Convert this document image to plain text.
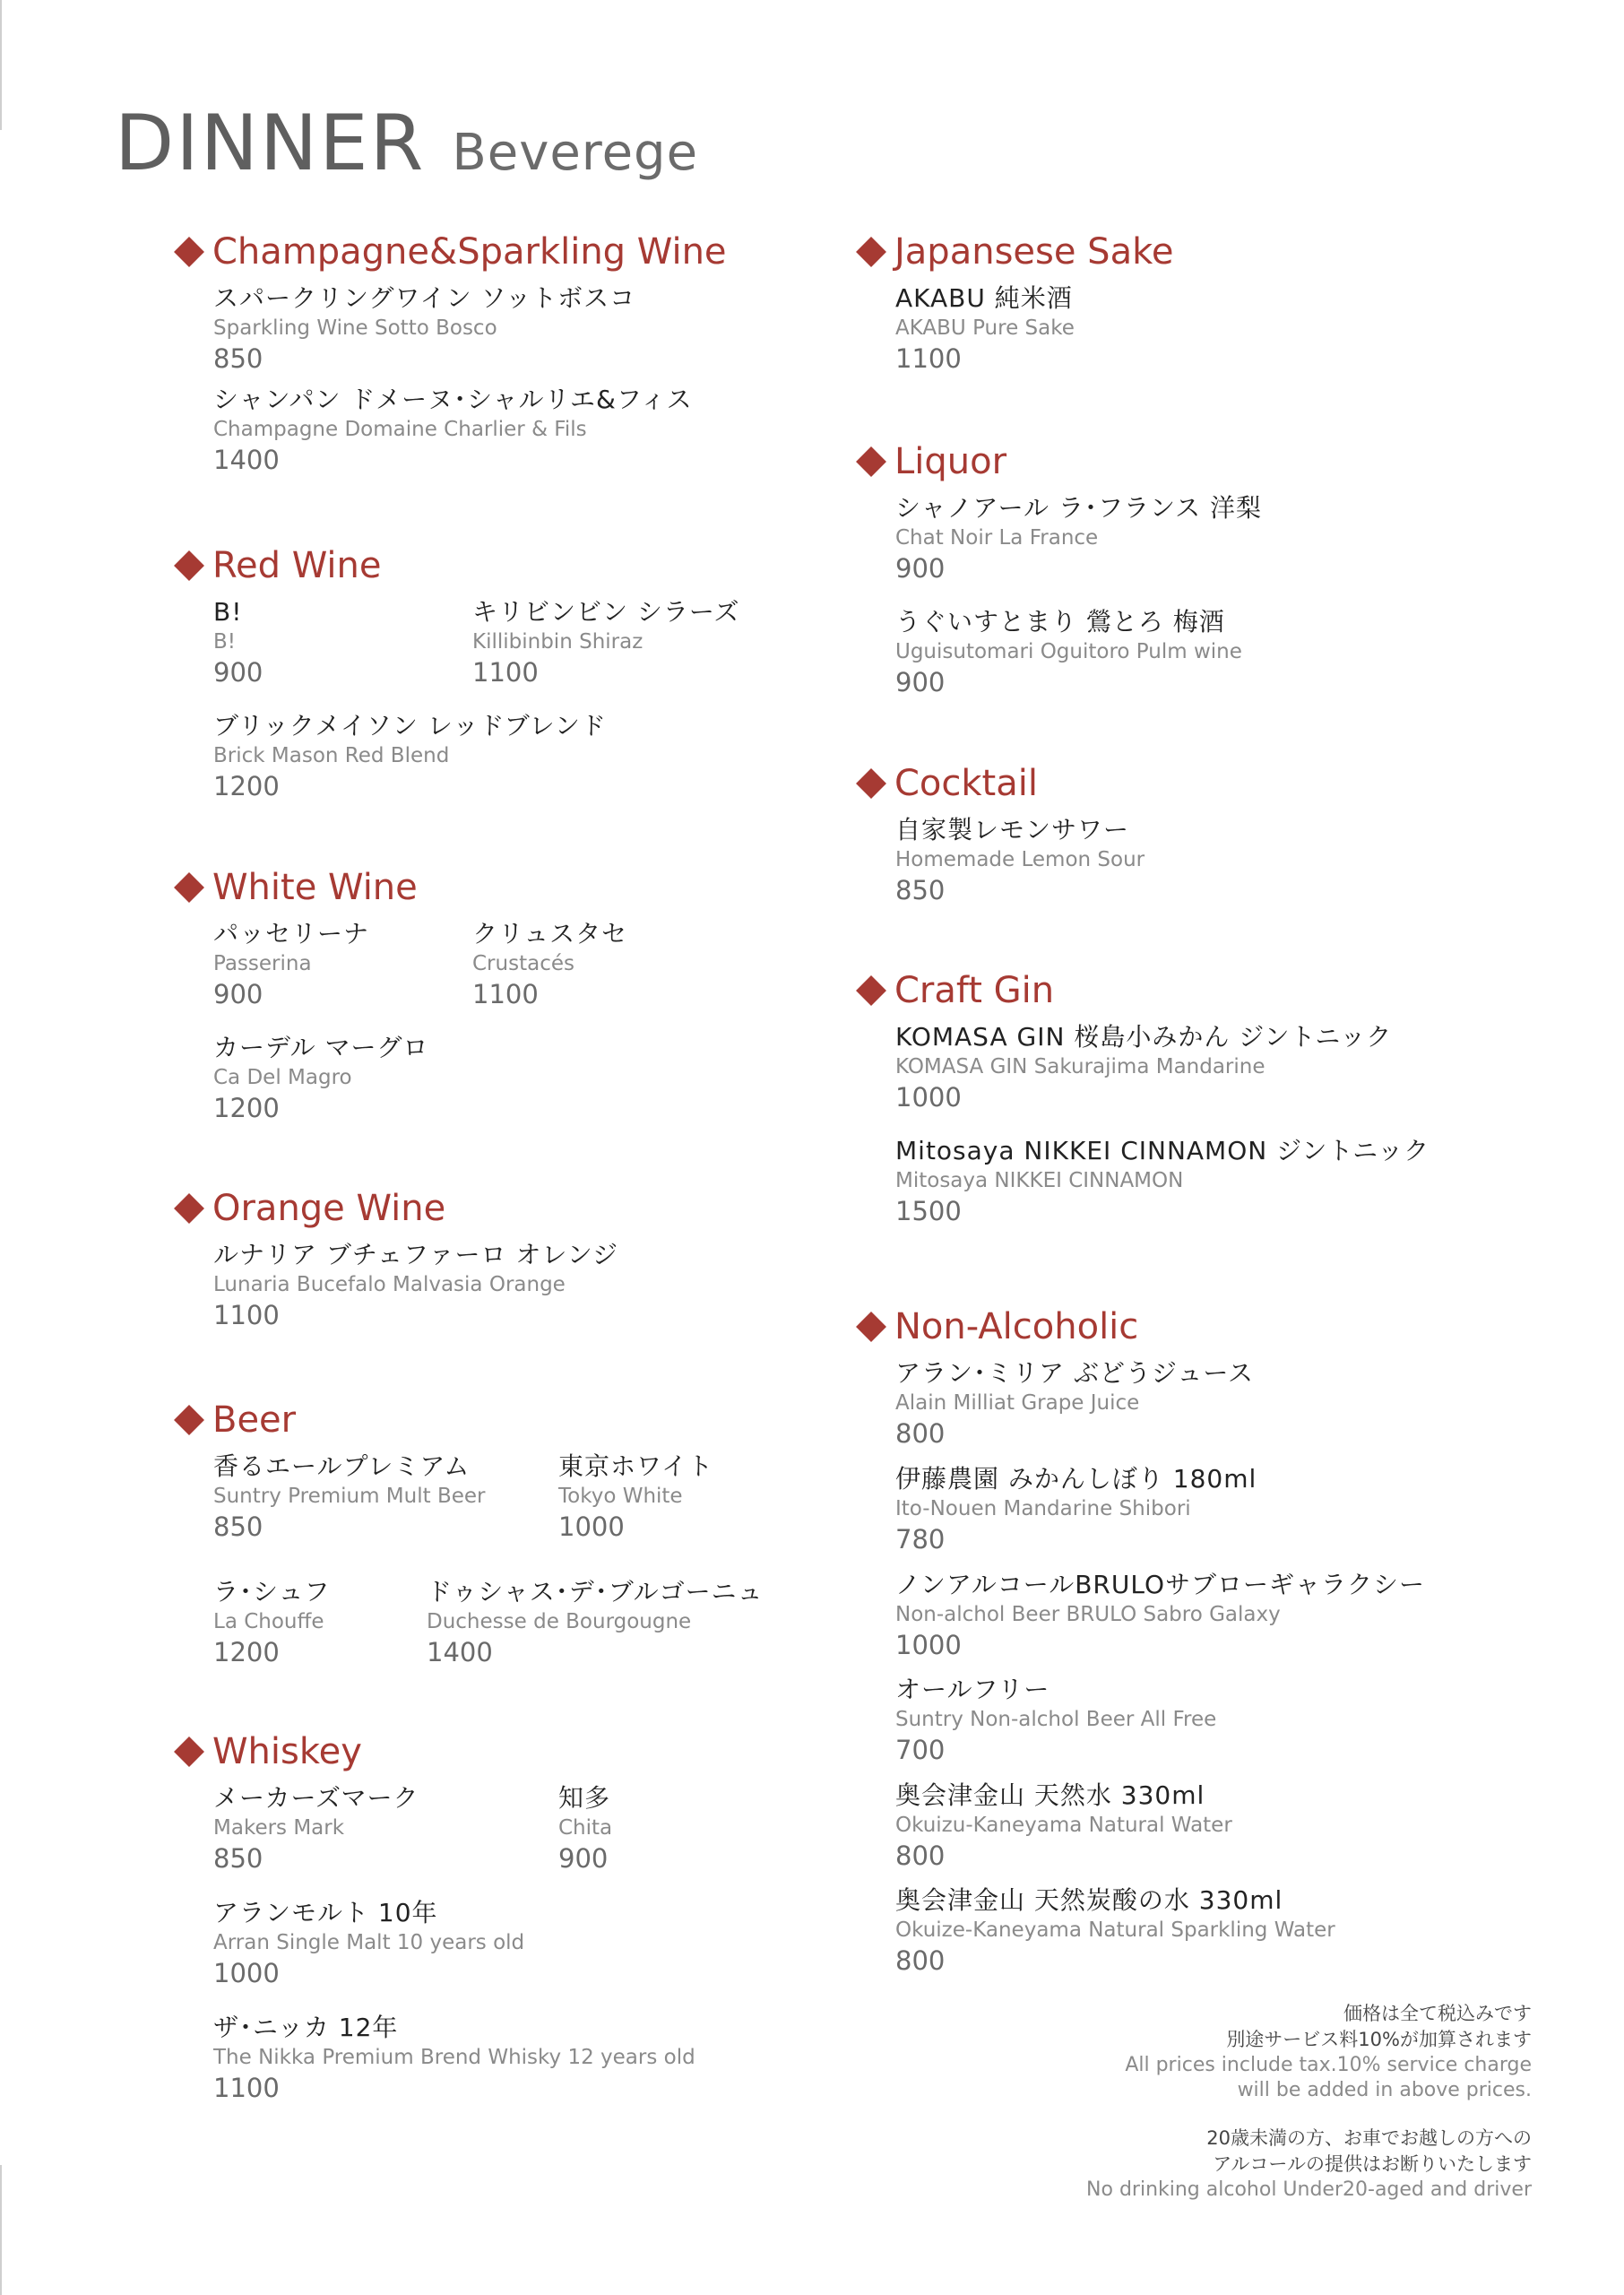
DINNER Beverege
Champagne&Sparkling Wine
スパークリングワイン ソットボスコ
Sparkling Wine Sotto Bosco
850
シャンパン ドメーヌ･シャルリエ&フィス
Champagne Domaine Charlier & Fils
1400
Red Wine
B!
B!
900
キリビンビン シラーズ
Killibinbin Shiraz
1100
ブリックメイソン レッドブレンド
Brick Mason Red Blend
1200
White Wine
パッセリーナ
Passerina
900
クリュスタセ
Crustacés
1100
カーデル マーグロ
Ca Del Magro
1200
Orange Wine
ルナリア ブチェファーロ オレンジ
Lunaria Bucefalo Malvasia Orange
1100
Beer
香るエールプレミアム
Suntry Premium Mult Beer
850
東京ホワイト
Tokyo White
1000
ラ･シュフ
La Chouffe
1200
ドゥシャス･デ･ブルゴーニュ
Duchesse de Bourgougne
1400
Whiskey
メーカーズマーク
Makers Mark
850
知多
Chita
900
アランモルト 10年
Arran Single Malt 10 years old
1000
ザ･ニッカ 12年
The Nikka Premium Brend Whisky 12 years old
1100
Japansese Sake
AKABU 純米酒
AKABU Pure Sake
1100
Liquor
シャノアール ラ･フランス 洋梨
Chat Noir La France
900
うぐいすとまり 鶯とろ 梅酒
Uguisutomari Oguitoro Pulm wine
900
Cocktail
自家製レモンサワー
Homemade Lemon Sour
850
Craft Gin
KOMASA GIN 桜島小みかん ジントニック
KOMASA GIN Sakurajima Mandarine
1000
Mitosaya NIKKEI CINNAMON ジントニック
Mitosaya NIKKEI CINNAMON
1500
Non-Alcoholic
アラン･ミリア ぶどうジュース
Alain Milliat Grape Juice
800
伊藤農園 みかんしぼり 180ml
Ito-Nouen Mandarine Shibori
780
ノンアルコールBRULOサブローギャラクシー
Non-alchol Beer BRULO Sabro Galaxy
1000
オールフリー
Suntry Non-alchol Beer All Free
700
奥会津金山 天然水 330ml
Okuizu-Kaneyama Natural Water
800
奥会津金山 天然炭酸の水 330ml
Okuize-Kaneyama Natural Sparkling Water
800
価格は全て税込みです
別途サービス料10%が加算されます
All prices include tax.10% service charge
will be added in above prices.
20歳未満の方、お車でお越しの方への
アルコールの提供はお断りいたします
No drinking alcohol Under20-aged and driver
